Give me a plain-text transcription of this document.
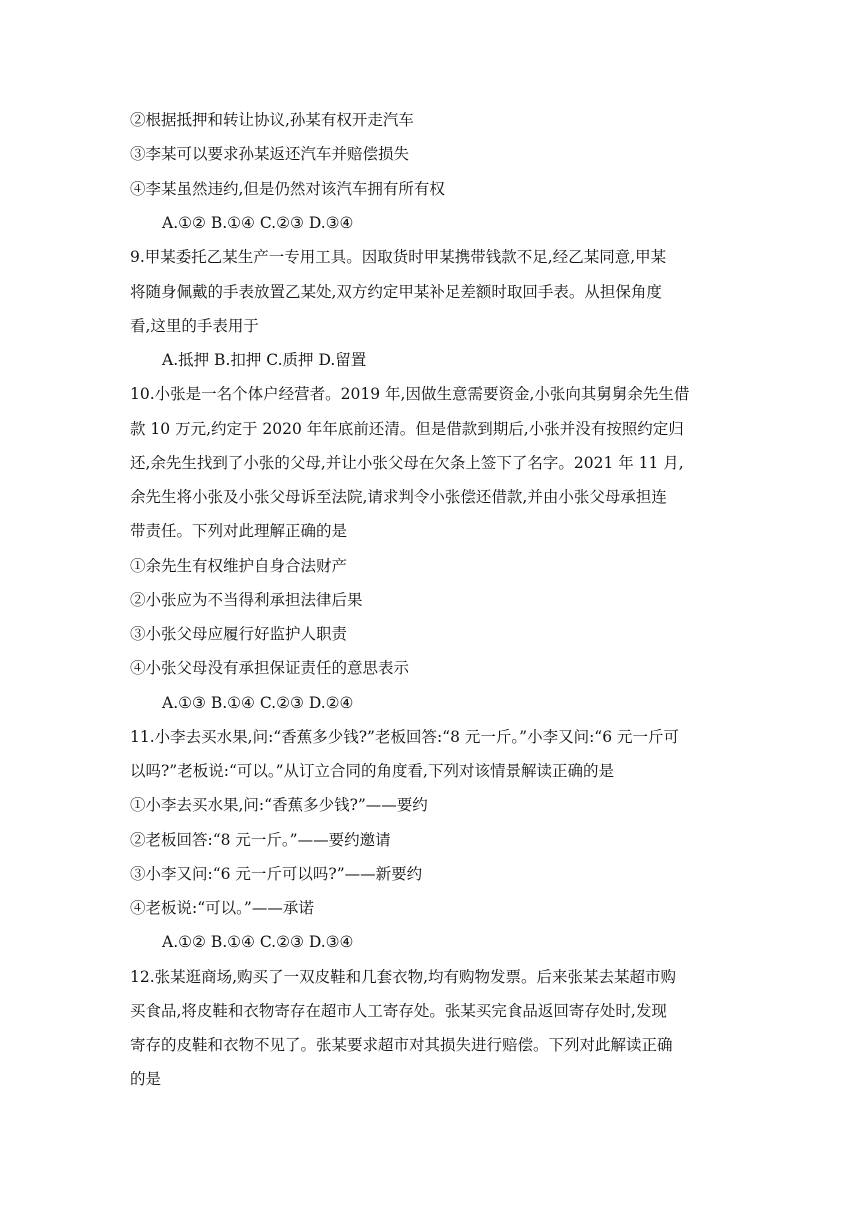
②根据抵押和转让协议,孙某有权开走汽车

③李某可以要求孙某返还汽车并赔偿损失

④李某虽然违约,但是仍然对该汽车拥有所有权

A.①② B.①④ C.②③ D.③④

9.甲某委托乙某生产一专用工具。因取货时甲某携带钱款不足,经乙某同意,甲某

将随身佩戴的手表放置乙某处,双方约定甲某补足差额时取回手表。从担保角度

看,这里的手表用于

A.抵押 B.扣押 C.质押 D.留置

10.小张是一名个体户经营者。2019 年,因做生意需要资金,小张向其舅舅余先生借

款 10 万元,约定于 2020 年年底前还清。但是借款到期后,小张并没有按照约定归

还,余先生找到了小张的父母,并让小张父母在欠条上签下了名字。2021 年 11 月,

余先生将小张及小张父母诉至法院,请求判令小张偿还借款,并由小张父母承担连

带责任。下列对此理解正确的是

①余先生有权维护自身合法财产

②小张应为不当得利承担法律后果

③小张父母应履行好监护人职责

④小张父母没有承担保证责任的意思表示

A.①③ B.①④ C.②③ D.②④

11.小李去买水果,问:“香蕉多少钱?”老板回答:“8 元一斤。”小李又问:“6 元一斤可

以吗?”老板说:“可以。”从订立合同的角度看,下列对该情景解读正确的是

①小李去买水果,问:“香蕉多少钱?”——要约

②老板回答:“8 元一斤。”——要约邀请

③小李又问:“6 元一斤可以吗?”——新要约

④老板说:“可以。”——承诺

A.①② B.①④ C.②③ D.③④

12.张某逛商场,购买了一双皮鞋和几套衣物,均有购物发票。后来张某去某超市购

买食品,将皮鞋和衣物寄存在超市人工寄存处。张某买完食品返回寄存处时,发现

寄存的皮鞋和衣物不见了。张某要求超市对其损失进行赔偿。下列对此解读正确

的是
